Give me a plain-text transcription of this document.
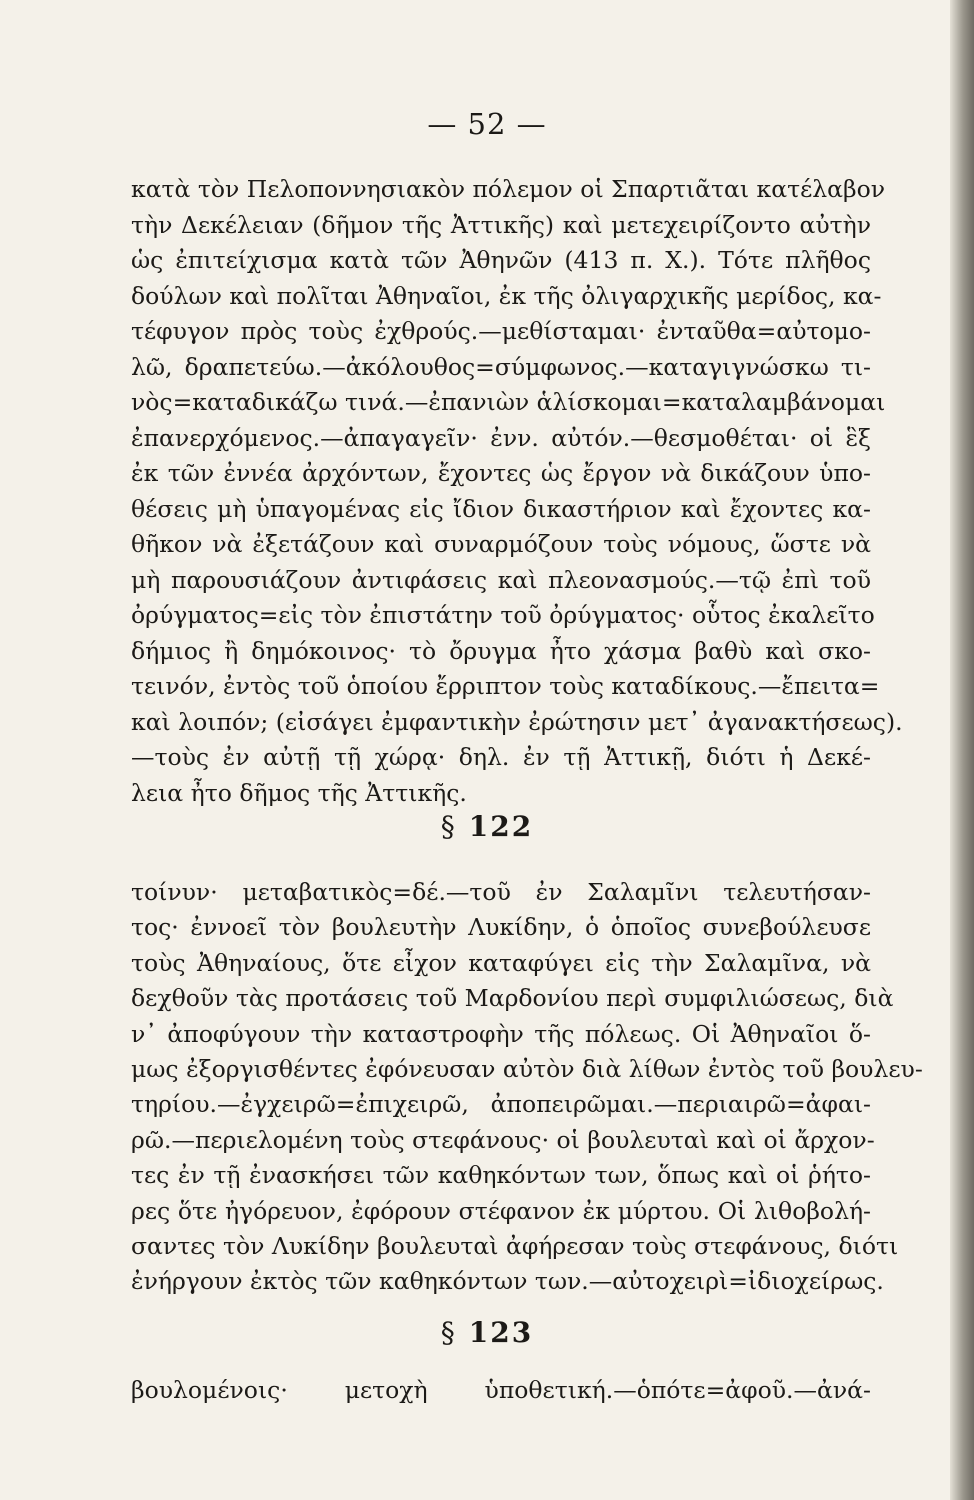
— 52 —
κατὰ τὸν Πελοποννησιακὸν πόλεμον οἱ Σπαρτιᾶται κατέλαβον
τὴν Δεκέλειαν (δῆμον τῆς Ἀττικῆς) καὶ μετεχειρίζοντο αὐτὴν
ὡς ἐπιτείχισμα κατὰ τῶν Ἀθηνῶν (413 π. Χ.). Τότε πλῆθος
δούλων καὶ πολῖται Ἀθηναῖοι, ἐκ τῆς ὀλιγαρχικῆς μερίδος, κα-
τέφυγον πρὸς τοὺς ἐχθρούς.—μεθίσταμαι· ἐνταῦθα=αὐτομο-
λῶ, δραπετεύω.—ἀκόλουθος=σύμφωνος.—καταγιγνώσκω τι-
νὸς=καταδικάζω τινά.—ἐπανιὼν ἁλίσκομαι=καταλαμβάνομαι
ἐπανερχόμενος.—ἀπαγαγεῖν· ἐνν. αὐτόν.—θεσμοθέται· οἱ ἓξ
ἐκ τῶν ἐννέα ἀρχόντων, ἔχοντες ὡς ἔργον νὰ δικάζουν ὑπο-
θέσεις μὴ ὑπαγομένας εἰς ἴδιον δικαστήριον καὶ ἔχοντες κα-
θῆκον νὰ ἐξετάζουν καὶ συναρμόζουν τοὺς νόμους, ὥστε νὰ
μὴ παρουσιάζουν ἀντιφάσεις καὶ πλεονασμούς.—τῷ ἐπὶ τοῦ
ὀρύγματος=εἰς τὸν ἐπιστάτην τοῦ ὀρύγματος· οὗτος ἐκαλεῖτο
δήμιος ἢ δημόκοινος· τὸ ὄρυγμα ἦτο χάσμα βαθὺ καὶ σκο-
τεινόν, ἐντὸς τοῦ ὁποίου ἔρριπτον τοὺς καταδίκους.—ἔπειτα=
καὶ λοιπόν; (εἰσάγει ἐμφαντικὴν ἐρώτησιν μετ᾽ ἀγανακτήσεως).
—τοὺς ἐν αὐτῇ τῇ χώρᾳ· δηλ. ἐν τῇ Ἀττικῇ, διότι ἡ Δεκέ-
λεια ἦτο δῆμος τῆς Ἀττικῆς.
§ 122
τοίνυν· μεταβατικὸς=δέ.—τοῦ ἐν Σαλαμῖνι τελευτήσαν-
τος· ἐννοεῖ τὸν βουλευτὴν Λυκίδην, ὁ ὁποῖος συνεβούλευσε
τοὺς Ἀθηναίους, ὅτε εἶχον καταφύγει εἰς τὴν Σαλαμῖνα, νὰ
δεχθοῦν τὰς προτάσεις τοῦ Μαρδονίου περὶ συμφιλιώσεως, διὰ
ν᾽ ἀποφύγουν τὴν καταστροφὴν τῆς πόλεως. Οἱ Ἀθηναῖοι ὅ-
μως ἐξοργισθέντες ἐφόνευσαν αὐτὸν διὰ λίθων ἐντὸς τοῦ βουλευ-
τηρίου.—ἐγχειρῶ=ἐπιχειρῶ, ἀποπειρῶμαι.—περιαιρῶ=ἀφαι-
ρῶ.—περιελομένη τοὺς στεφάνους· οἱ βουλευταὶ καὶ οἱ ἄρχον-
τες ἐν τῇ ἐνασκήσει τῶν καθηκόντων των, ὅπως καὶ οἱ ῥήτο-
ρες ὅτε ἠγόρευον, ἐφόρουν στέφανον ἐκ μύρτου. Οἱ λιθοβολή-
σαντες τὸν Λυκίδην βουλευταὶ ἀφήρεσαν τοὺς στεφάνους, διότι
ἐνήργουν ἐκτὸς τῶν καθηκόντων των.—αὐτοχειρὶ=ἰδιοχείρως.
§ 123
βουλομένοις· μετοχὴ ὑποθετική.—ὁπότε=ἀφοῦ.—ἀνά-
